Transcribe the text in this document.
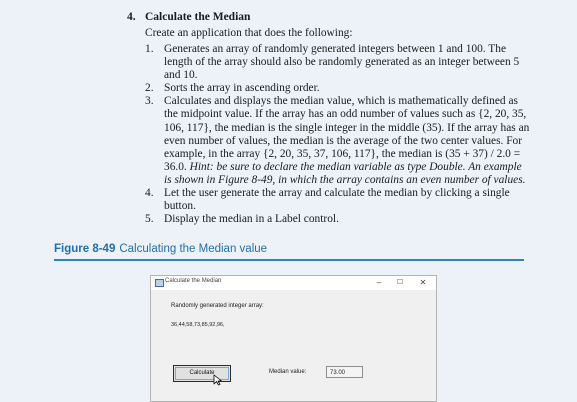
4. Calculate the Median
Create an application that does the following:
1. Generates an array of randomly generated integers between 1 and 100. The length of the array should also be randomly generated as an integer between 5 and 10.
2. Sorts the array in ascending order.
3. Calculates and displays the median value, which is mathematically defined as the midpoint value. If the array has an odd number of values such as {2, 20, 35, 106, 117}, the median is the single integer in the middle (35). If the array has an even number of values, the median is the average of the two center values. For example, in the array {2, 20, 35, 37, 106, 117}, the median is (35 + 37) / 2.0 = 36.0. Hint: be sure to declare the median variable as type Double. An example is shown in Figure 8-49, in which the array contains an even number of values.
4. Let the user generate the array and calculate the median by clicking a single button.
5. Display the median in a Label control.
Figure 8-49 Calculating the Median value
Calculate the Median	–	☐	✕
Randomly generated integer array:
36,44,58,73,85,92,96,
Calculate	Median value:	73.00
